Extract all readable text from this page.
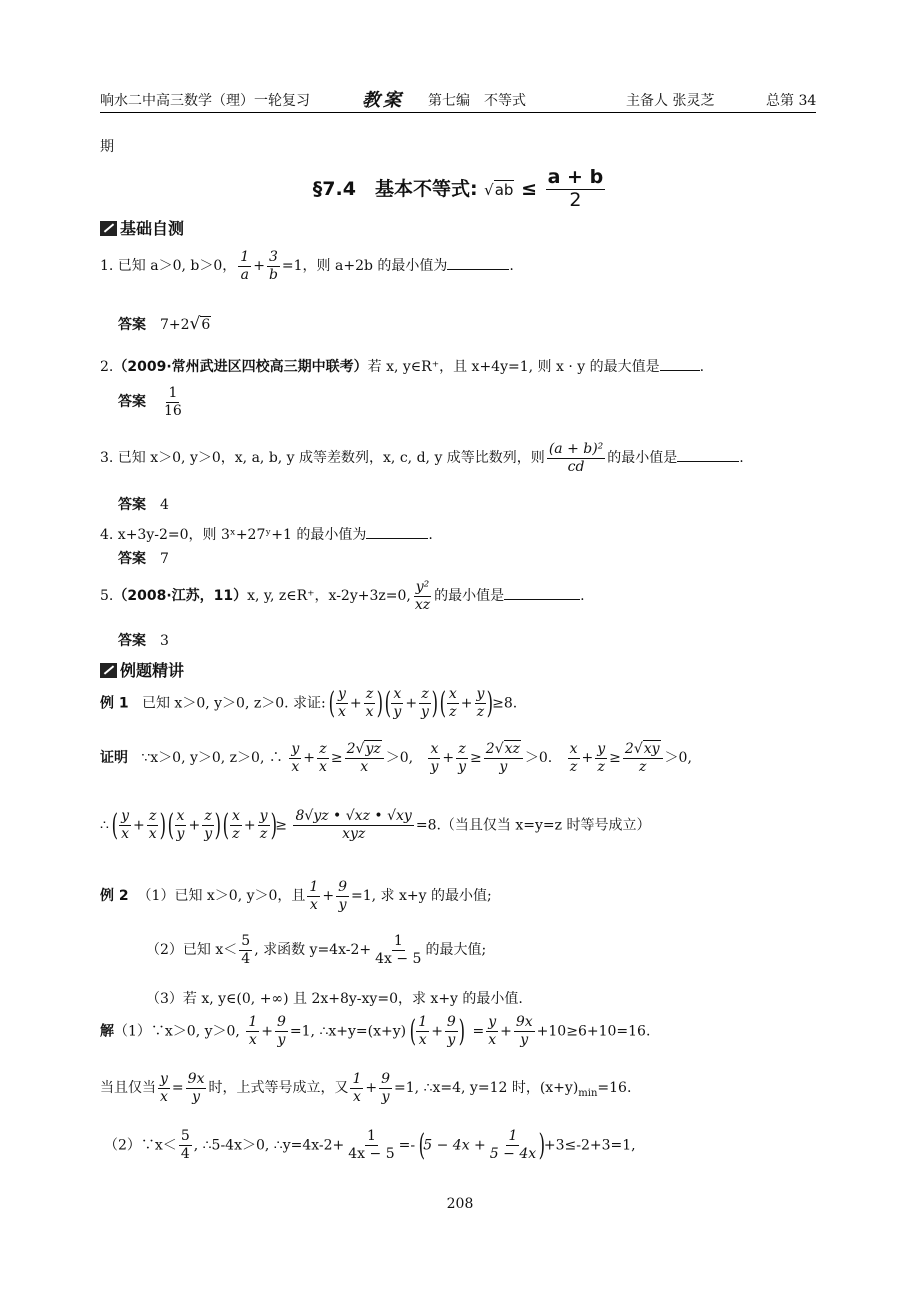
响水二中高三数学（理）一轮复习	教案 第七编　不等式	主备人 张灵芝	总第 34
期
§7.4　基本不等式: $√ab \le \frac{a + b}{2}$
基础自测
1. 已知 a＞0, b＞0， $\frac{1}{a} + \frac{3}{b} =1$，则 a+2b 的最小值为	.
答案 7+2√6
2.（2009·常州武进区四校高三期中联考）若 x, y∈R⁺，且 x+4y=1, 则 x · y 的最大值是	.
答案 $\frac{1}{16}$
3. 已知 x＞0, y＞0，x, a, b, y 成等差数列，x, c, d, y 成等比数列，则 $\frac{\text{(a + b)²}}{cd}$ 的最小值是	.
答案 4
4. x+3y-2=0，则 3ˣ+27ʸ+1 的最小值为	.
答案 7
5.（2008·江苏，11）x, y, z∈R⁺，x-2y+3z=0, $\frac{\text{y²}}{xz}$ 的最小值是	.
答案 3
例题精讲
例 1 已知 x＞0, y＞0, z＞0. 求证: ( $\frac{y}{x} + \frac{z}{x}$ ) ( $\frac{x}{y} + \frac{z}{y}$ ) ( $\frac{x}{z} + \frac{y}{z} )\ge 8$.
证明 ∵x＞0, y＞0, z＞0, ∴ $\frac{y}{x} + \frac{z}{x} \ge \frac{2√yz}{x} >0$, $\frac{x}{y} + \frac{z}{y} \ge \frac{2√xz}{y} >0$. $\frac{x}{z} + \frac{y}{z} \ge \frac{2√xy}{z} >0$,
∴ ( $\frac{y}{x} + \frac{z}{x}$ ) ( $\frac{x}{y} + \frac{z}{y}$ ) ( $\frac{x}{z} + \frac{y}{z}$ )≥ $\frac{8√yz • √xz • √xy}{\text{xyz}} =8$.（当且仅当 x=y=z 时等号成立）
例 2 （1）已知 x＞0, y＞0，且 $\frac{1}{x} + \frac{9}{y} =1$, 求 x+y 的最小值;
（2）已知 $x< \frac{5}{4}$ , 求函数 $y=4x-2+ \frac{1}{4x - 5}$ 的最大值;
（3）若 x, y∈(0, +∞) 且 2x+8y-xy=0，求 x+y 的最小值.
解（1）∵x＞0, y＞0, $\frac{1}{x} + \frac{9}{y} =1$, ∴x+y=(x+y) ( $\frac{1}{x} + \frac{9}{y}$ )  = $\frac{y}{x} + \frac{9x}{y} +10\ge 6+10=16$.
当且仅当 $\frac{y}{x} = \frac{9x}{y}$ 时，上式等号成立，又 $\frac{1}{x} + \frac{9}{y} =1$, ∴x=4, y=12 时，$(x+y)_{min}=16$.
（2）∵x＜ $\frac{5}{4}$ , ∴5-4x＞0, ∴y=4x-2+ $\frac{1}{4x - 5} =- (5 - 4x + \frac{1}{5 - 4x} )+3\le-2+3=1$,
208
